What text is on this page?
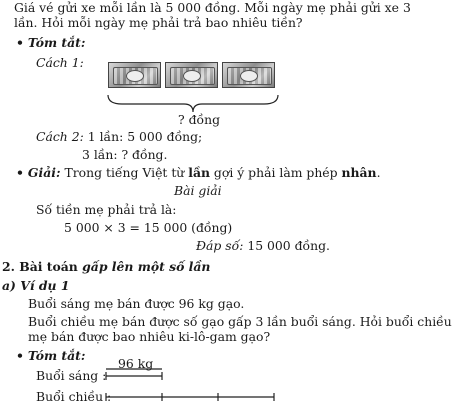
Giá vé gửi xe mỗi lần là 5 000 đồng. Mỗi ngày mẹ phải gửi xe 3
lần. Hỏi mỗi ngày mẹ phải trả bao nhiêu tiền?
• Tóm tắt:
Cách 1:
? đồng
Cách 2: 1 lần: 5 000 đồng;
3 lần: ? đồng.
• Giải: Trong tiếng Việt từ lần gợi ý phải làm phép nhân.
Bài giải
Số tiền mẹ phải trả là:
5 000 × 3 = 15 000 (đồng)
Đáp số: 15 000 đồng.
2. Bài toán gấp lên một số lần
a) Ví dụ 1
Buổi sáng mẹ bán được 96 kg gạo.
Buổi chiều mẹ bán được số gạo gấp 3 lần buổi sáng. Hỏi buổi chiều
mẹ bán được bao nhiêu ki-lô-gam gạo?
• Tóm tắt:
96 kg
Buổi sáng :
Buổi chiều :
